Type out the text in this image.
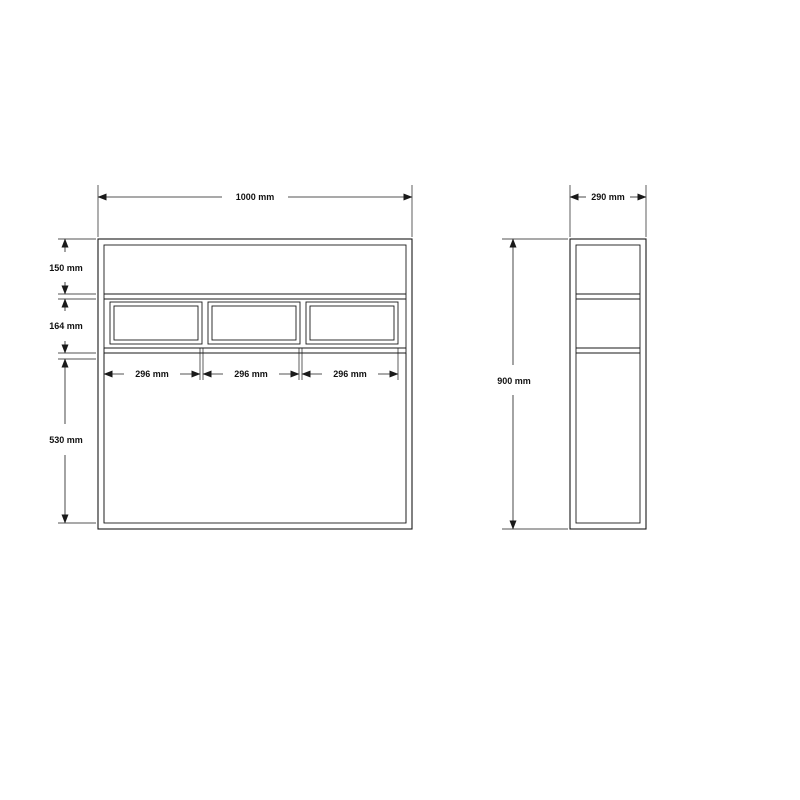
1000 mm
150 mm
164 mm
530 mm
296 mm	296 mm	296 mm
290 mm
900 mm
